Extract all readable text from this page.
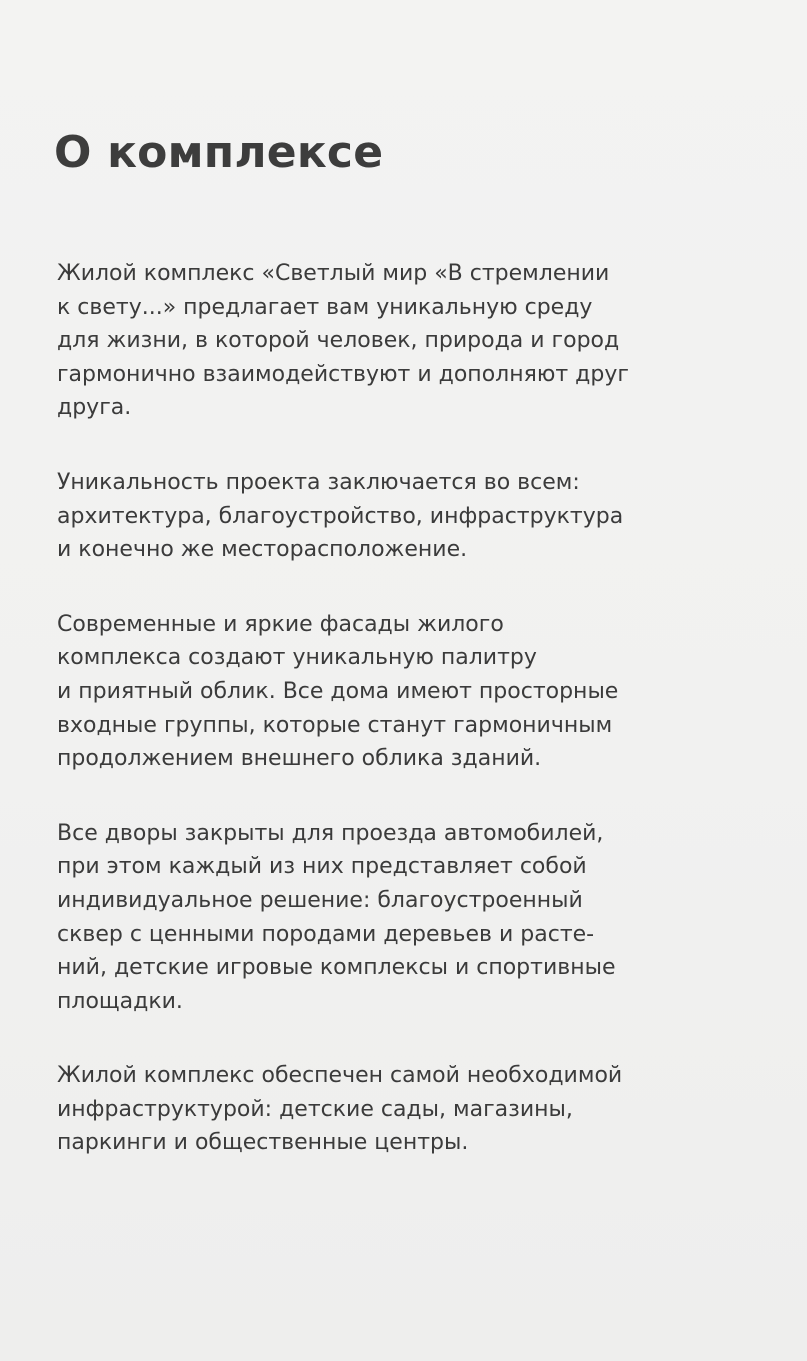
О комплексе

Жилой комплекс «Светлый мир «В стремлении
к свету...» предлагает вам уникальную среду
для жизни, в которой человек, природа и город
гармонично взаимодействуют и дополняют друг
друга.

Уникальность проекта заключается во всем:
архитектура, благоустройство, инфраструктура
и конечно же месторасположение.

Современные и яркие фасады жилого
комплекса создают уникальную палитру
и приятный облик. Все дома имеют просторные
входные группы, которые станут гармоничным
продолжением внешнего облика зданий.

Все дворы закрыты для проезда автомобилей,
при этом каждый из них представляет собой
индивидуальное решение: благоустроенный
сквер с ценными породами деревьев и расте-
ний, детские игровые комплексы и спортивные
площадки.

Жилой комплекс обеспечен самой необходимой
инфраструктурой: детские сады, магазины,
паркинги и общественные центры.
